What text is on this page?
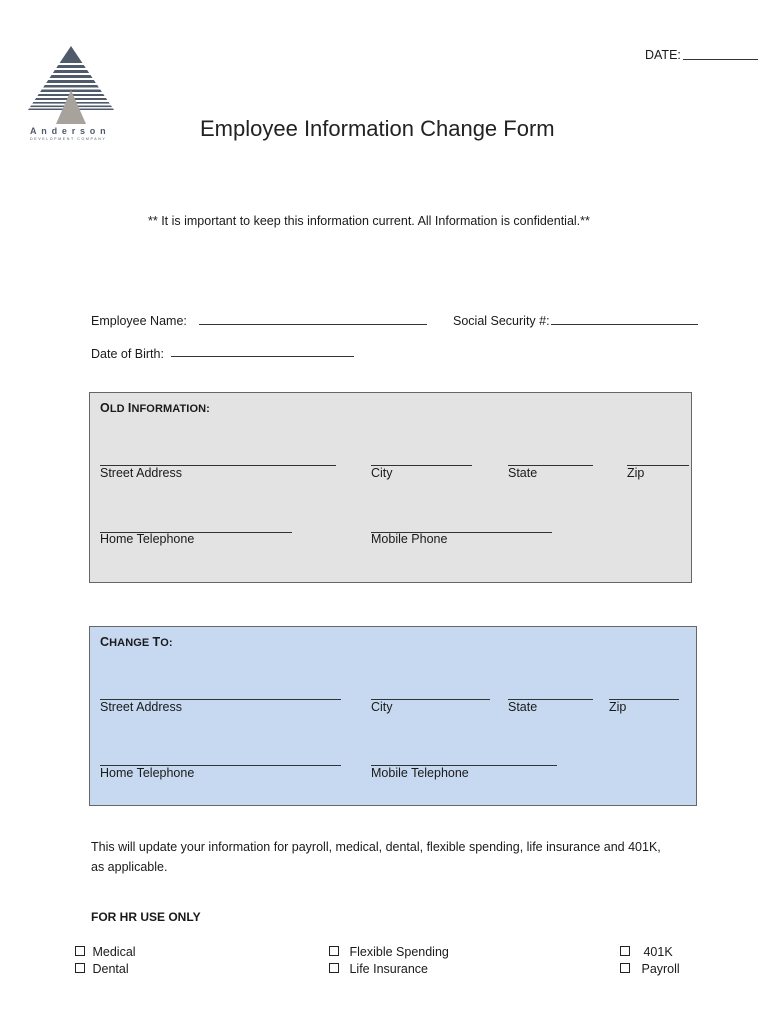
Anderson
DEVELOPMENT COMPANY
DATE:
Employee Information Change Form
** It is important to keep this information current. All Information is confidential.**
Employee Name:	Social Security #:
Date of Birth:
OLD INFORMATION:
Street Address	City	State	Zip
Home Telephone	Mobile Phone
CHANGE TO:
Street Address	City	State	Zip
Home Telephone	Mobile Telephone
This will update your information for payroll, medical, dental, flexible spending, life insurance and 401K,
as applicable.
FOR HR USE ONLY
Medical
Dental
Flexible Spending
Life Insurance
401K
Payroll
